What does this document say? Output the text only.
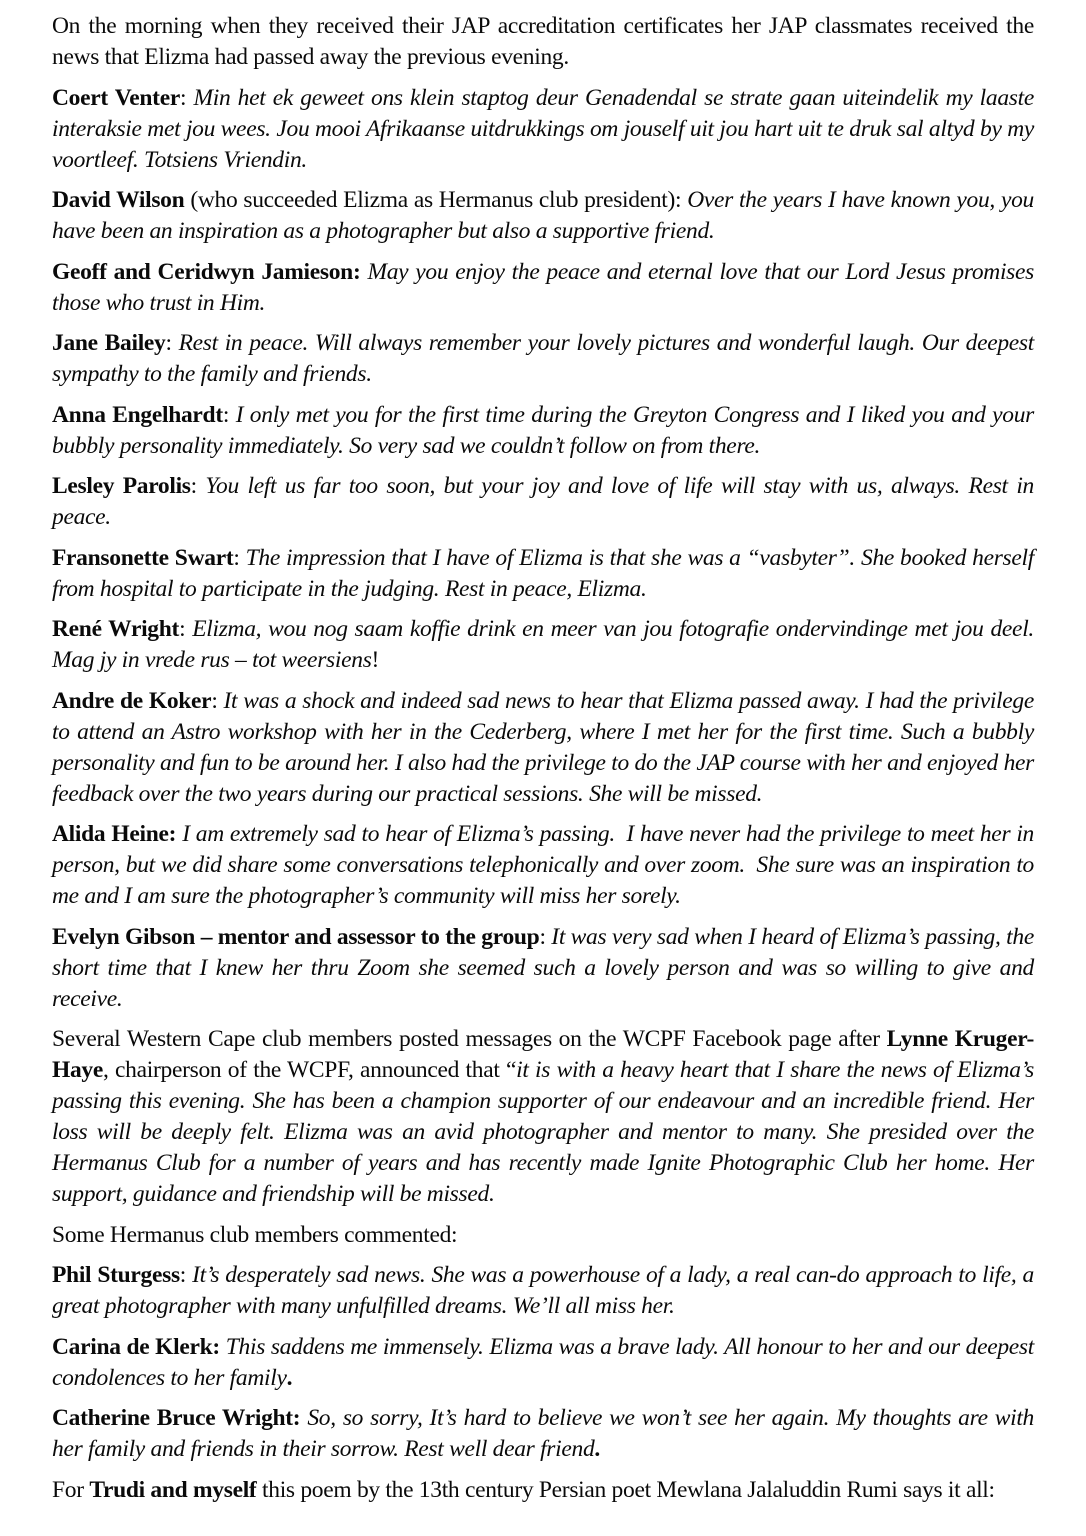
On the morning when they received their JAP accreditation certificates her JAP classmates received the news that Elizma had passed away the previous evening.

Coert Venter: Min het ek geweet ons klein staptog deur Genadendal se strate gaan uiteindelik my laaste interaksie met jou wees. Jou mooi Afrikaanse uitdrukkings om jouself uit jou hart uit te druk sal altyd by my voortleef. Totsiens Vriendin.

David Wilson (who succeeded Elizma as Hermanus club president): Over the years I have known you, you have been an inspiration as a photographer but also a supportive friend.

Geoff and Ceridwyn Jamieson: May you enjoy the peace and eternal love that our Lord Jesus promises those who trust in Him.

Jane Bailey: Rest in peace. Will always remember your lovely pictures and wonderful laugh. Our deepest sympathy to the family and friends.

Anna Engelhardt: I only met you for the first time during the Greyton Congress and I liked you and your bubbly personality immediately. So very sad we couldn’t follow on from there.

Lesley Parolis: You left us far too soon, but your joy and love of life will stay with us, always. Rest in peace.

Fransonette Swart: The impression that I have of Elizma is that she was a “vasbyter”. She booked herself from hospital to participate in the judging. Rest in peace, Elizma.

René Wright: Elizma, wou nog saam koffie drink en meer van jou fotografie ondervindinge met jou deel. Mag jy in vrede rus – tot weersiens!

Andre de Koker: It was a shock and indeed sad news to hear that Elizma passed away. I had the privilege to attend an Astro workshop with her in the Cederberg, where I met her for the first time. Such a bubbly personality and fun to be around her. I also had the privilege to do the JAP course with her and enjoyed her feedback over the two years during our practical sessions. She will be missed.

Alida Heine: I am extremely sad to hear of Elizma’s passing. I have never had the privilege to meet her in person, but we did share some conversations telephonically and over zoom. She sure was an inspiration to me and I am sure the photographer’s community will miss her sorely.

Evelyn Gibson – mentor and assessor to the group: It was very sad when I heard of Elizma’s passing, the short time that I knew her thru Zoom she seemed such a lovely person and was so willing to give and receive.

Several Western Cape club members posted messages on the WCPF Facebook page after Lynne Kruger-Haye, chairperson of the WCPF, announced that “it is with a heavy heart that I share the news of Elizma’s passing this evening. She has been a champion supporter of our endeavour and an incredible friend. Her loss will be deeply felt. Elizma was an avid photographer and mentor to many. She presided over the Hermanus Club for a number of years and has recently made Ignite Photographic Club her home. Her support, guidance and friendship will be missed.

Some Hermanus club members commented:

Phil Sturgess: It’s desperately sad news. She was a powerhouse of a lady, a real can-do approach to life, a great photographer with many unfulfilled dreams. We’ll all miss her.

Carina de Klerk: This saddens me immensely. Elizma was a brave lady. All honour to her and our deepest condolences to her family.

Catherine Bruce Wright: So, so sorry, It’s hard to believe we won’t see her again. My thoughts are with her family and friends in their sorrow. Rest well dear friend.

For Trudi and myself this poem by the 13th century Persian poet Mewlana Jalaluddin Rumi says it all:
